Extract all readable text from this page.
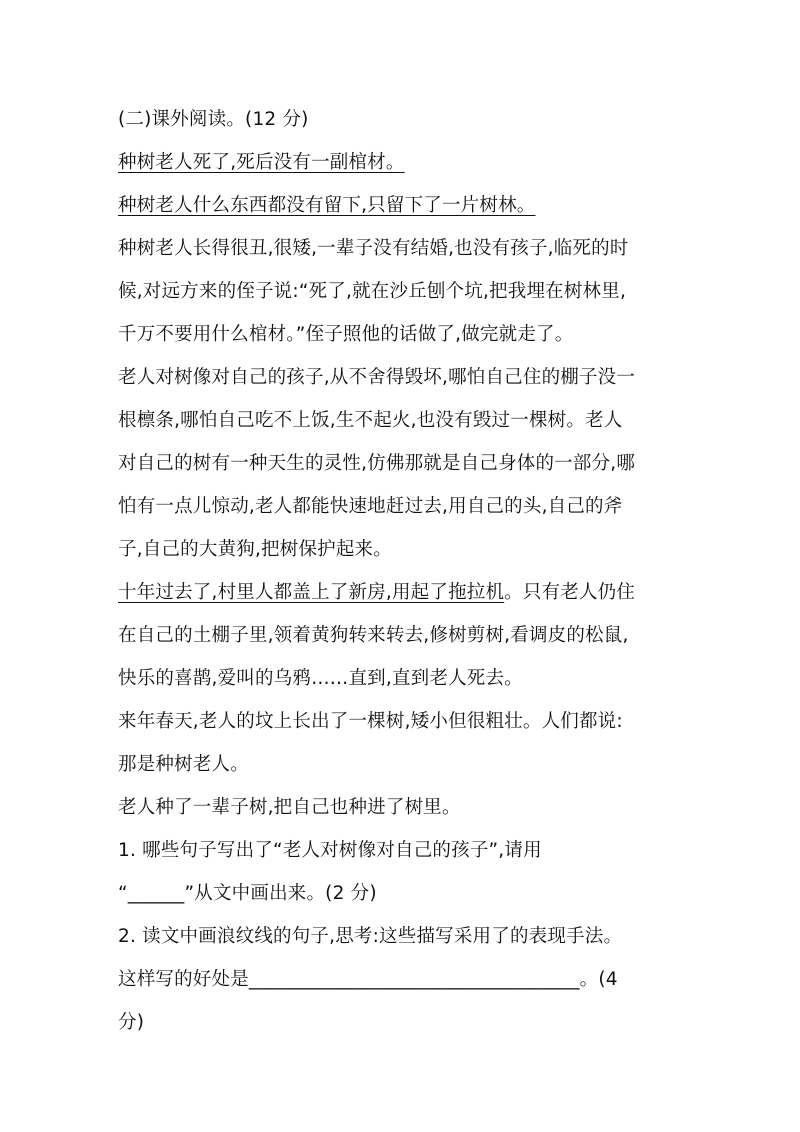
(二)课外阅读。(12 分)
种树老人死了,死后没有一副棺材。
种树老人什么东西都没有留下,只留下了一片树林。
种树老人长得很丑,很矮,一辈子没有结婚,也没有孩子,临死的时
候,对远方来的侄子说:“死了,就在沙丘刨个坑,把我埋在树林里,
千万不要用什么棺材。”侄子照他的话做了,做完就走了。
老人对树像对自己的孩子,从不舍得毁坏,哪怕自己住的棚子没一
根檩条,哪怕自己吃不上饭,生不起火,也没有毁过一棵树。老人
对自己的树有一种天生的灵性,仿佛那就是自己身体的一部分,哪
怕有一点儿惊动,老人都能快速地赶过去,用自己的头,自己的斧
子,自己的大黄狗,把树保护起来。
十年过去了,村里人都盖上了新房,用起了拖拉机。只有老人仍住
在自己的土棚子里,领着黄狗转来转去,修树剪树,看调皮的松鼠,
快乐的喜鹊,爱叫的乌鸦……直到,直到老人死去。
来年春天,老人的坟上长出了一棵树,矮小但很粗壮。人们都说:
那是种树老人。
老人种了一辈子树,把自己也种进了树里。
1. 哪些句子写出了“老人对树像对自己的孩子”,请用
“______”从文中画出来。(2 分)
2. 读文中画浪纹线的句子,思考:这些描写采用了的表现手法。
这样写的好处是___________________________________。(4
分)
